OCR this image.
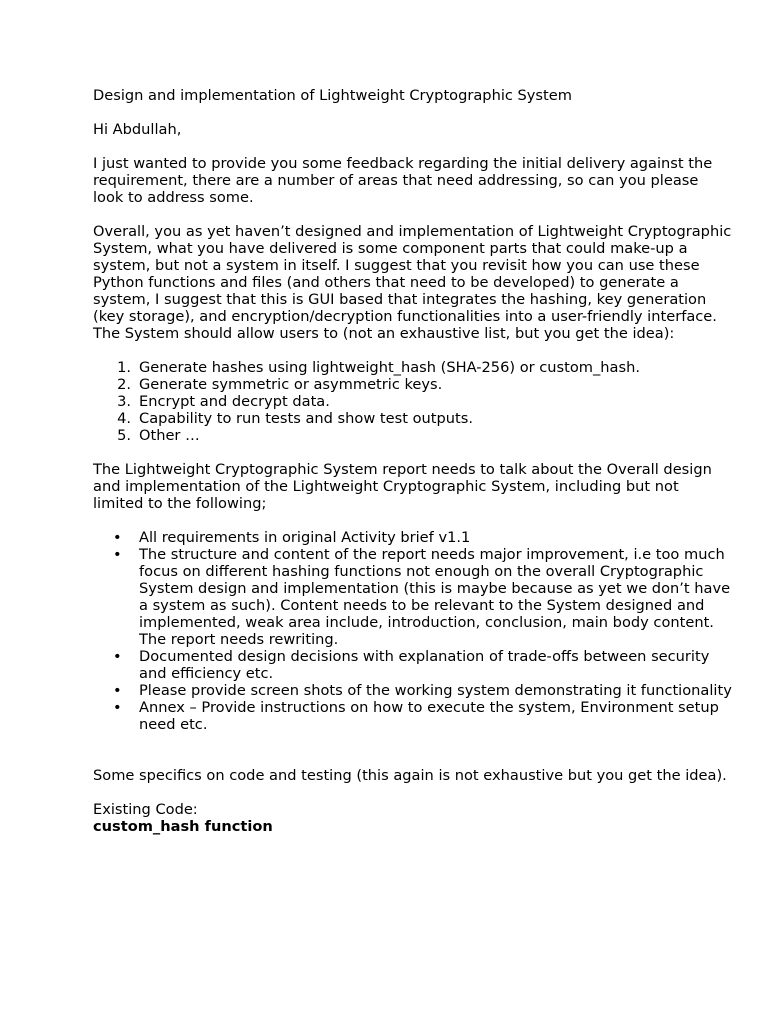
Design and implementation of Lightweight Cryptographic System

Hi Abdullah,

I just wanted to provide you some feedback regarding the initial delivery against the requirement, there are a number of areas that need addressing, so can you please look to address some.

Overall, you as yet haven’t designed and implementation of Lightweight Cryptographic System, what you have delivered is some component parts that could make-up a system, but not a system in itself. I suggest that you revisit how you can use these Python functions and files (and others that need to be developed) to generate a system, I suggest that this is GUI based that integrates the hashing, key generation (key storage), and encryption/decryption functionalities into a user-friendly interface. The System should allow users to (not an exhaustive list, but you get the idea):

1. Generate hashes using lightweight_hash (SHA-256) or custom_hash.
2. Generate symmetric or asymmetric keys.
3. Encrypt and decrypt data.
4. Capability to run tests and show test outputs.
5. Other …

The Lightweight Cryptographic System report needs to talk about the Overall design and implementation of the Lightweight Cryptographic System, including but not limited to the following;

• All requirements in original Activity brief v1.1
• The structure and content of the report needs major improvement, i.e too much focus on different hashing functions not enough on the overall Cryptographic System design and implementation (this is maybe because as yet we don’t have a system as such). Content needs to be relevant to the System designed and implemented, weak area include, introduction, conclusion, main body content. The report needs rewriting.
• Documented design decisions with explanation of trade-offs between security and efficiency etc.
• Please provide screen shots of the working system demonstrating it functionality
• Annex – Provide instructions on how to execute the system, Environment setup need etc.

Some specifics on code and testing (this again is not exhaustive but you get the idea).

Existing Code:

custom_hash function
